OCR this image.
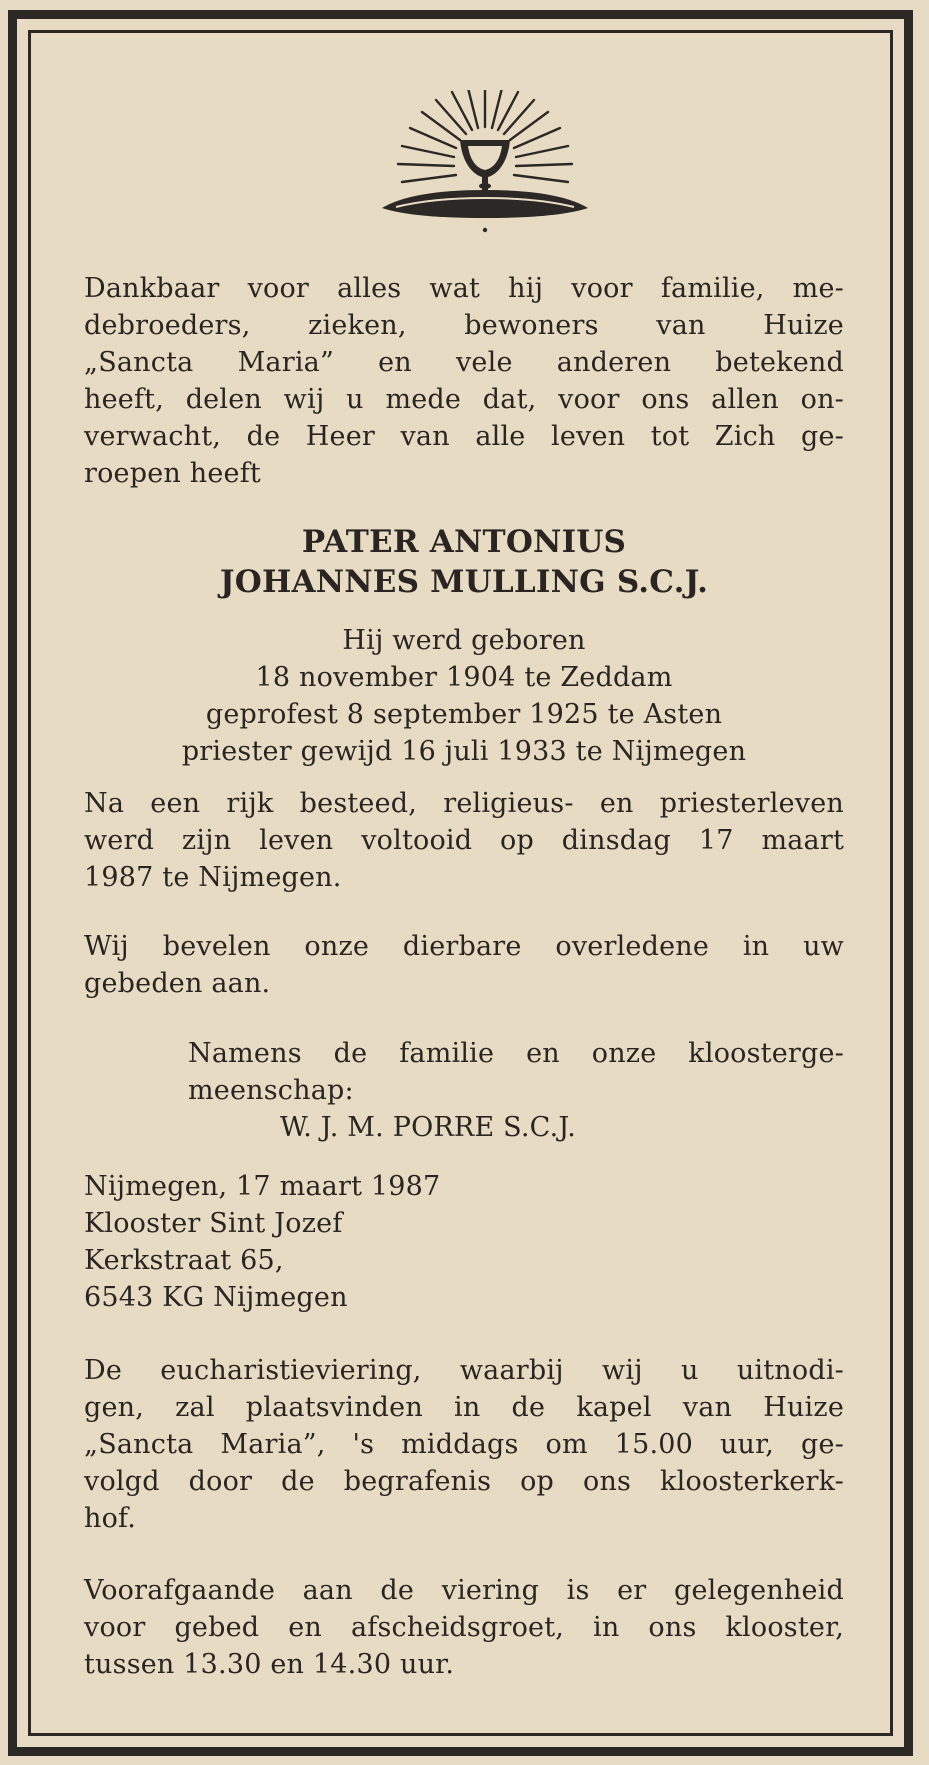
Dankbaar voor alles wat hij voor familie, me-

debroeders, zieken, bewoners van Huize

„Sancta Maria” en vele anderen betekend

heeft, delen wij u mede dat, voor ons allen on-

verwacht, de Heer van alle leven tot Zich ge-

roepen heeft

PATER ANTONIUS
JOHANNES MULLING S.C.J.
Hij werd geboren
18 november 1904 te Zeddam
geprofest 8 september 1925 te Asten
priester gewijd 16 juli 1933 te Nijmegen

Na een rijk besteed, religieus- en priesterleven

werd zijn leven voltooid op dinsdag 17 maart

1987 te Nijmegen.

Wij bevelen onze dierbare overledene in uw

gebeden aan.

Namens de familie en onze kloosterge-

meenschap:
W. J. M. PORRE S.C.J.
Nijmegen, 17 maart 1987
Klooster Sint Jozef
Kerkstraat 65,
6543 KG Nijmegen

De eucharistieviering, waarbij wij u uitnodi-

gen, zal plaatsvinden in de kapel van Huize

„Sancta Maria”, 's middags om 15.00 uur, ge-

volgd door de begrafenis op ons kloosterkerk-

hof.

Voorafgaande aan de viering is er gelegenheid

voor gebed en afscheidsgroet, in ons klooster,

tussen 13.30 en 14.30 uur.
